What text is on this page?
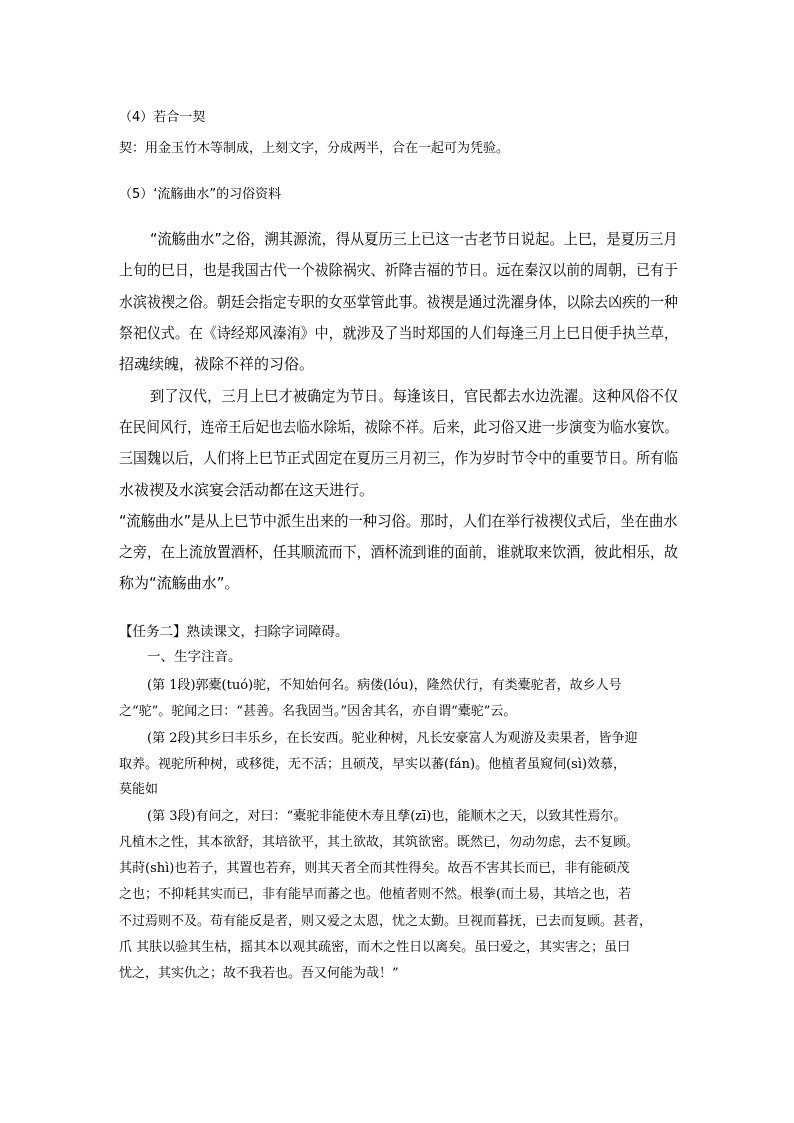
（4）若合一契
契：用金玉竹木等制成，上刻文字，分成两半，合在一起可为凭验。
（5）‘流觞曲水”的习俗资料
“流觞曲水”之俗，溯其源流，得从夏历三上已这一古老节日说起。上巳，是夏历三月
上旬的巳日，也是我国古代一个祓除祸灾、祈降吉福的节日。远在秦汉以前的周朝，已有于
水滨祓禊之俗。朝廷会指定专职的女巫掌管此事。祓禊是通过洗濯身体，以除去凶疾的一种
祭祀仪式。在《诗经郑风溱洧》中，就涉及了当时郑国的人们每逢三月上巳日便手执兰草，
招魂续魄，祓除不祥的习俗。
到了汉代，三月上巳才被确定为节日。每逢该日，官民都去水边洗濯。这种风俗不仅
在民间风行，连帝王后妃也去临水除垢，祓除不祥。后来，此习俗又进一步演变为临水宴饮。
三国魏以后，人们将上巳节正式固定在夏历三月初三，作为岁时节令中的重要节日。所有临
水祓禊及水滨宴会活动都在这天进行。
“流觞曲水”是从上巳节中派生出来的一种习俗。那时，人们在举行祓禊仪式后，坐在曲水
之旁，在上流放置酒杯，任其顺流而下，酒杯流到谁的面前，谁就取来饮酒，彼此相乐，故
称为“流觞曲水”。
【任务二】熟读课文，扫除字词障碍。
一、生字注音。
(第 1段)郭橐(tuó)驼，不知始何名。病偻(lóu)，隆然伏行，有类橐驼者，故乡人号
之“驼”。驼闻之曰：“甚善。名我固当。”因舍其名，亦自谓“橐驼”云。
(第 2段)其乡曰丰乐乡，在长安西。驼业种树，凡长安豪富人为观游及卖果者，皆争迎
取养。视驼所种树，或移徙，无不活；且硕茂，早实以蕃(fán)。他植者虽窥伺(sì)效慕，
莫能如
(第 3段)有问之，对曰：“橐驼非能使木寿且孳(zī)也，能顺木之天，以致其性焉尔。
凡植木之性，其本欲舒，其培欲平，其土欲故，其筑欲密。既然已，勿动勿虑，去不复顾。
其莳(shì)也若子，其置也若弃，则其天者全而其性得矣。故吾不害其长而已，非有能硕茂
之也；不抑耗其实而已，非有能早而蕃之也。他植者则不然。根拳(而土易，其培之也，若
不过焉则不及。苟有能反是者，则又爱之太恩，忧之太勤。旦视而暮抚，已去而复顾。甚者，
爪 其肤以验其生枯，摇其本以观其疏密，而木之性日以离矣。虽曰爱之，其实害之；虽曰
忧之，其实仇之；故不我若也。吾又何能为哉！”
